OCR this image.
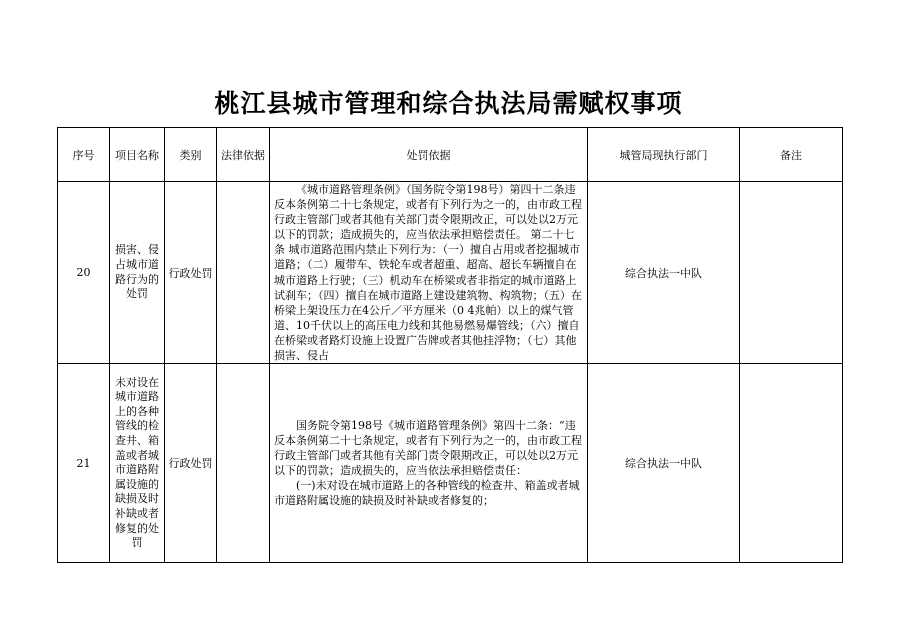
桃江县城市管理和综合执法局需赋权事项
序号	项目名称	类别	法律依据	处罚依据	城管局现执行部门	备注
20	损害、侵占城市道路行为的处罚	行政处罚		《城市道路管理条例》（国务院令第198号）第四十二条违反本条例第二十七条规定，或者有下列行为之一的，由市政工程行政主管部门或者其他有关部门责令限期改正，可以处以2万元以下的罚款；造成损失的，应当依法承担赔偿责任。 第二十七条 城市道路范围内禁止下列行为：（一）擅自占用或者挖掘城市道路；（二）履带车、铁轮车或者超重、超高、超长车辆擅自在城市道路上行驶；（三）机动车在桥梁或者非指定的城市道路上试刹车；（四）擅自在城市道路上建设建筑物、构筑物；（五）在桥梁上架设压力在4公斤／平方厘米（0 4兆帕）以上的煤气管道、10千伏以上的高压电力线和其他易燃易爆管线；（六）擅自在桥梁或者路灯设施上设置广告牌或者其他挂浮物；（七）其他损害、侵占	综合执法一中队	
21	未对设在城市道路上的各种管线的检查井、箱盖或者城市道路附属设施的缺损及时补缺或者修复的处罚	行政处罚		国务院令第198号《城市道路管理条例》第四十二条：“违反本条例第二十七条规定，或者有下列行为之一的，由市政工程行政主管部门或者其他有关部门责令限期改正，可以处以2万元以下的罚款；造成损失的，应当依法承担赔偿责任：

(一)未对设在城市道路上的各种管线的检查井、箱盖或者城市道路附属设施的缺损及时补缺或者修复的；	综合执法一中队	
